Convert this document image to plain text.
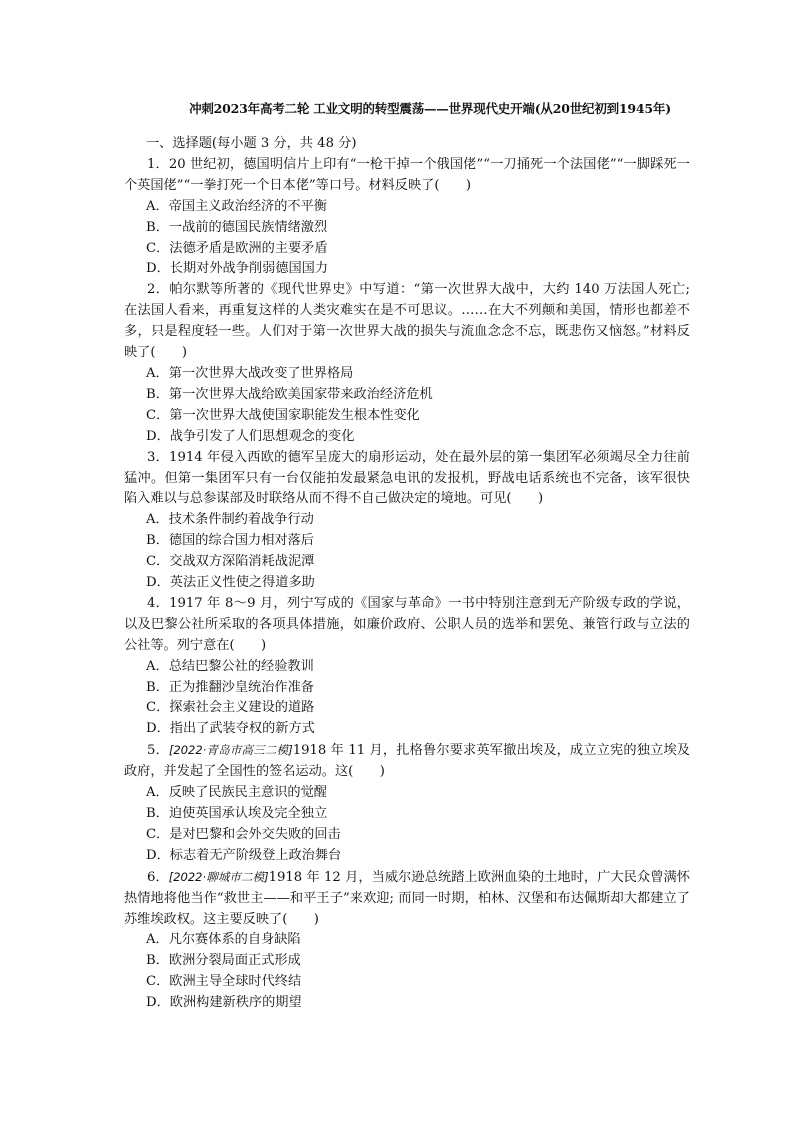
冲刺2023年高考二轮 工业文明的转型震荡——世界现代史开端(从20世纪初到1945年)

一、选择题(每小题 3 分，共 48 分)

1．20 世纪初，德国明信片上印有“一枪干掉一个俄国佬”“一刀捅死一个法国佬”“一脚踩死一个英国佬”“一拳打死一个日本佬”等口号。材料反映了(　　)

A．帝国主义政治经济的不平衡

B．一战前的德国民族情绪激烈

C．法德矛盾是欧洲的主要矛盾

D．长期对外战争削弱德国国力

2．帕尔默等所著的《现代世界史》中写道：“第一次世界大战中，大约 140 万法国人死亡; 在法国人看来，再重复这样的人类灾难实在是不可思议。……在大不列颠和美国，情形也都差不多，只是程度轻一些。人们对于第一次世界大战的损失与流血念念不忘，既悲伤又恼怒。”材料反映了(　　)

A．第一次世界大战改变了世界格局

B．第一次世界大战给欧美国家带来政治经济危机

C．第一次世界大战使国家职能发生根本性变化

D．战争引发了人们思想观念的变化

3．1914 年侵入西欧的德军呈庞大的扇形运动，处在最外层的第一集团军必须竭尽全力往前猛冲。但第一集团军只有一台仅能拍发最紧急电讯的发报机，野战电话系统也不完备，该军很快陷入难以与总参谋部及时联络从而不得不自己做决定的境地。可见(　　)

A．技术条件制约着战争行动

B．德国的综合国力相对落后

C．交战双方深陷消耗战泥潭

D．英法正义性使之得道多助

4．1917 年 8～9 月，列宁写成的《国家与革命》一书中特别注意到无产阶级专政的学说，以及巴黎公社所采取的各项具体措施，如廉价政府、公职人员的选举和罢免、兼管行政与立法的公社等。列宁意在(　　)

A．总结巴黎公社的经验教训

B．正为推翻沙皇统治作准备

C．探索社会主义建设的道路

D．指出了武装夺权的新方式

5．[2022·青岛市高三二模]1918 年 11 月，扎格鲁尔要求英军撤出埃及，成立立宪的独立埃及政府，并发起了全国性的签名运动。这(　　)

A．反映了民族民主意识的觉醒

B．迫使英国承认埃及完全独立

C．是对巴黎和会外交失败的回击

D．标志着无产阶级登上政治舞台

6．[2022·聊城市二模]1918 年 12 月，当威尔逊总统踏上欧洲血染的土地时，广大民众曾满怀热情地将他当作“救世主——和平王子”来欢迎; 而同一时期，柏林、汉堡和布达佩斯却大都建立了苏维埃政权。这主要反映了(　　)

A．凡尔赛体系的自身缺陷

B．欧洲分裂局面正式形成

C．欧洲主导全球时代终结

D．欧洲构建新秩序的期望
